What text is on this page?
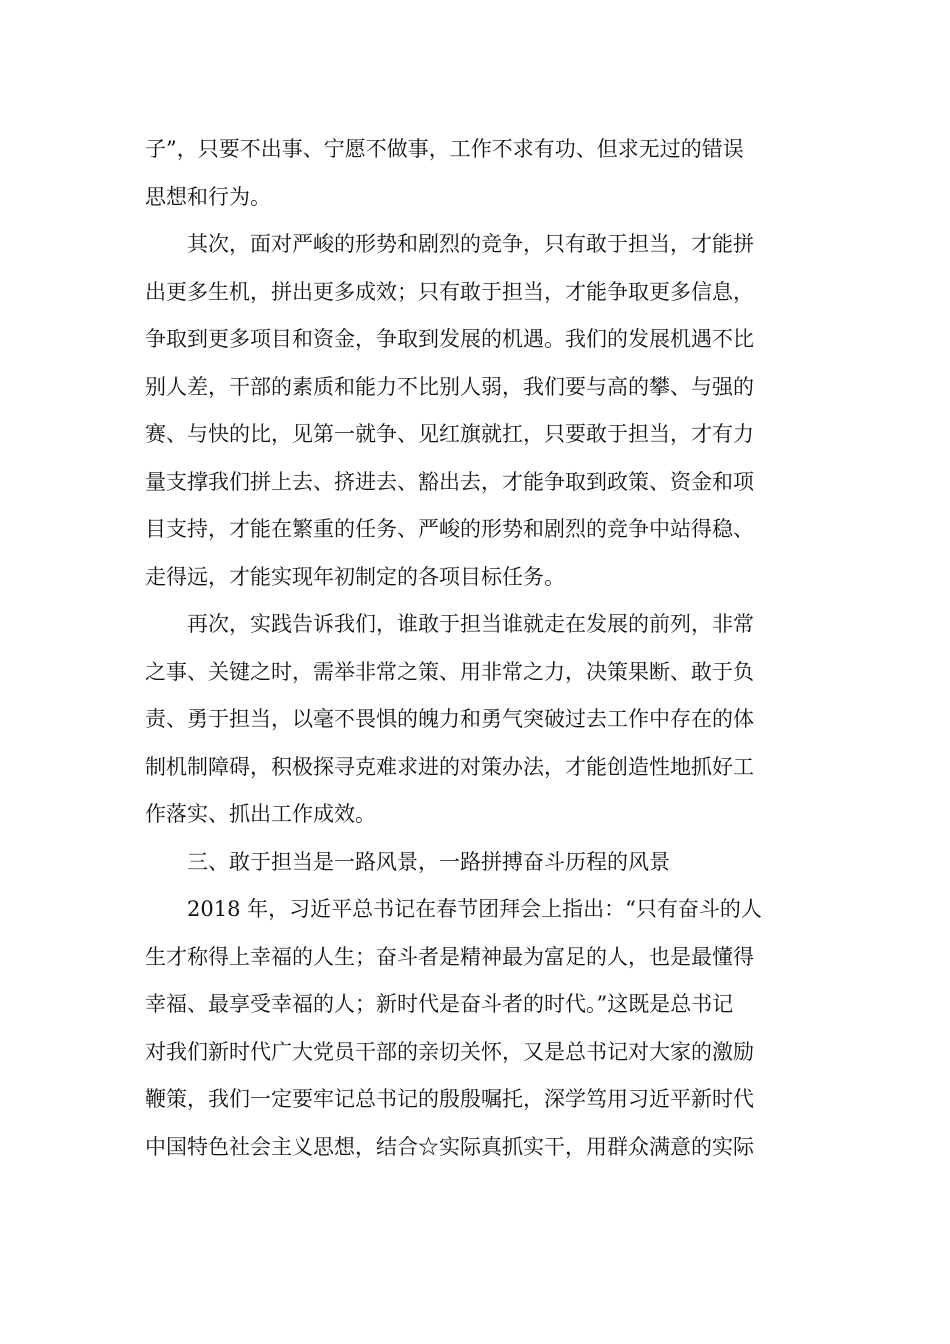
子”，只要不出事、宁愿不做事，工作不求有功、但求无过的错误
思想和行为。

　　其次，面对严峻的形势和剧烈的竞争，只有敢于担当，才能拼
出更多生机，拼出更多成效；只有敢于担当，才能争取更多信息，
争取到更多项目和资金，争取到发展的机遇。我们的发展机遇不比
别人差，干部的素质和能力不比别人弱，我们要与高的攀、与强的
赛、与快的比，见第一就争、见红旗就扛，只要敢于担当，才有力
量支撑我们拼上去、挤进去、豁出去，才能争取到政策、资金和项
目支持，才能在繁重的任务、严峻的形势和剧烈的竞争中站得稳、
走得远，才能实现年初制定的各项目标任务。

　　再次，实践告诉我们，谁敢于担当谁就走在发展的前列，非常
之事、关键之时，需举非常之策、用非常之力，决策果断、敢于负
责、勇于担当，以毫不畏惧的魄力和勇气突破过去工作中存在的体
制机制障碍，积极探寻克难求进的对策办法，才能创造性地抓好工
作落实、抓出工作成效。

　　三、敢于担当是一路风景，一路拼搏奋斗历程的风景

　　2018 年，习近平总书记在春节团拜会上指出：“只有奋斗的人
生才称得上幸福的人生；奋斗者是精神最为富足的人，也是最懂得
幸福、最享受幸福的人；新时代是奋斗者的时代。”这既是总书记
对我们新时代广大党员干部的亲切关怀，又是总书记对大家的激励
鞭策，我们一定要牢记总书记的殷殷嘱托，深学笃用习近平新时代
中国特色社会主义思想，结合☆实际真抓实干，用群众满意的实际
